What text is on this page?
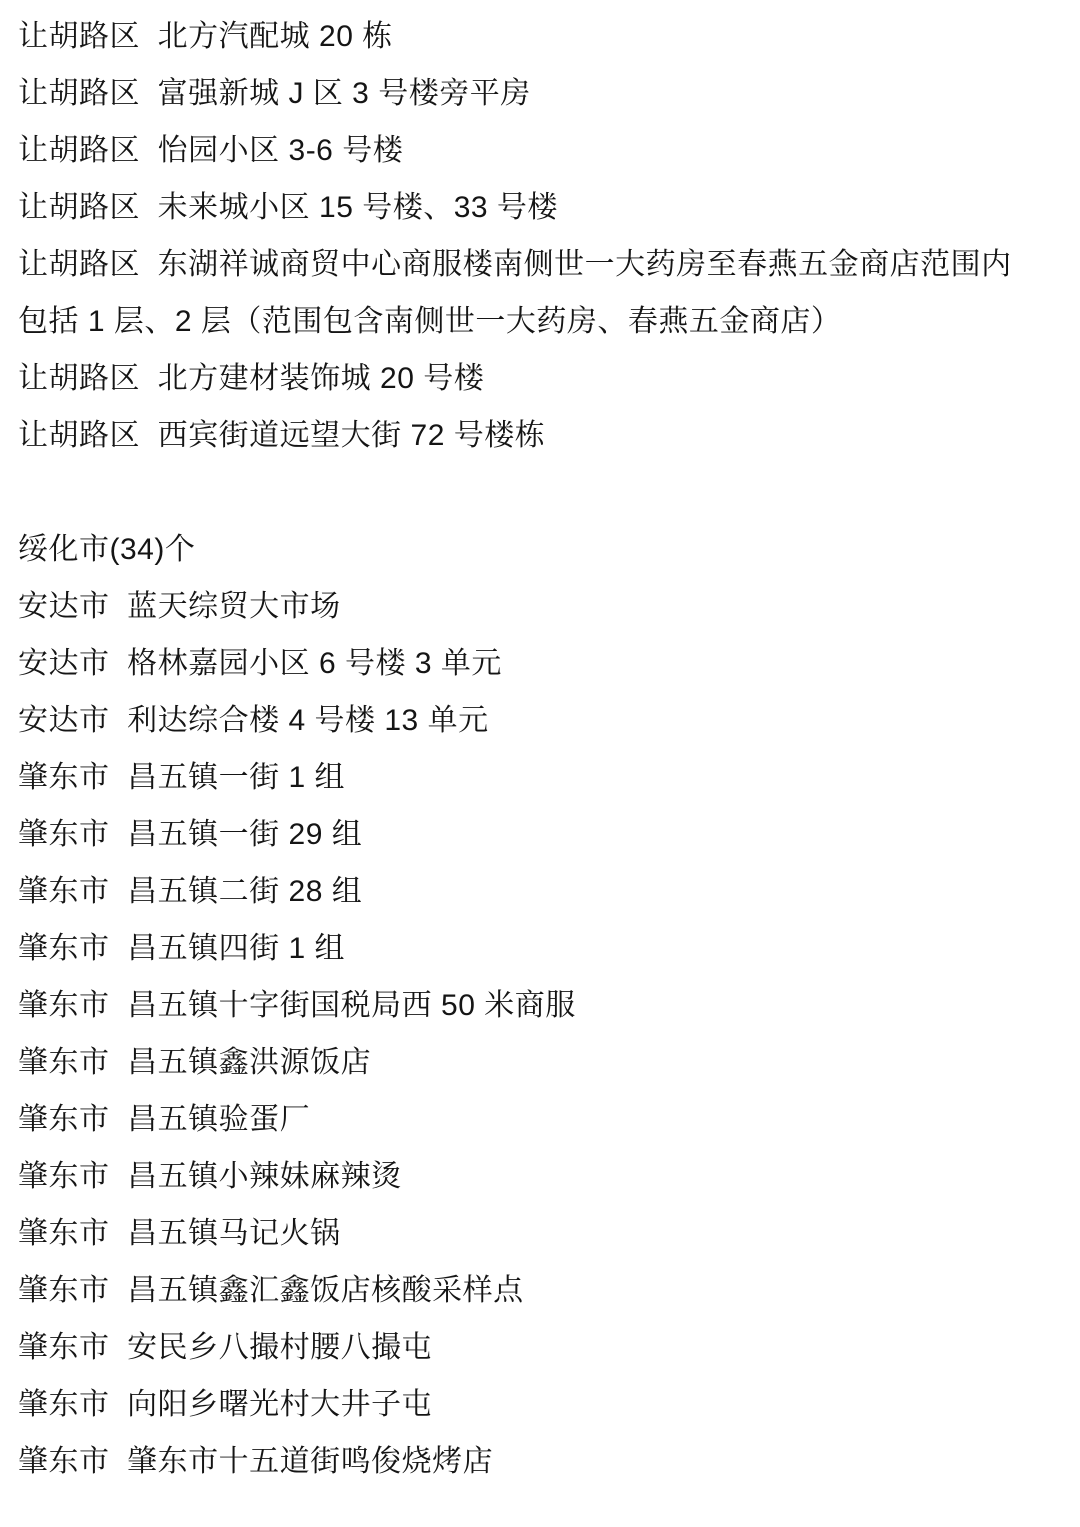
让胡路区  北方汽配城 20 栋
让胡路区  富强新城 J 区 3 号楼旁平房
让胡路区  怡园小区 3-6 号楼
让胡路区  未来城小区 15 号楼、33 号楼
让胡路区  东湖祥诚商贸中心商服楼南侧世一大药房至春燕五金商店范围内
包括 1 层、2 层（范围包含南侧世一大药房、春燕五金商店）
让胡路区  北方建材装饰城 20 号楼
让胡路区  西宾街道远望大街 72 号楼栋
绥化市(34)个
安达市  蓝天综贸大市场
安达市  格林嘉园小区 6 号楼 3 单元
安达市  利达综合楼 4 号楼 13 单元
肇东市  昌五镇一街 1 组
肇东市  昌五镇一街 29 组
肇东市  昌五镇二街 28 组
肇东市  昌五镇四街 1 组
肇东市  昌五镇十字街国税局西 50 米商服
肇东市  昌五镇鑫洪源饭店
肇东市  昌五镇验蛋厂
肇东市  昌五镇小辣妹麻辣烫
肇东市  昌五镇马记火锅
肇东市  昌五镇鑫汇鑫饭店核酸采样点
肇东市  安民乡八撮村腰八撮屯
肇东市  向阳乡曙光村大井子屯
肇东市  肇东市十五道街鸣俊烧烤店
